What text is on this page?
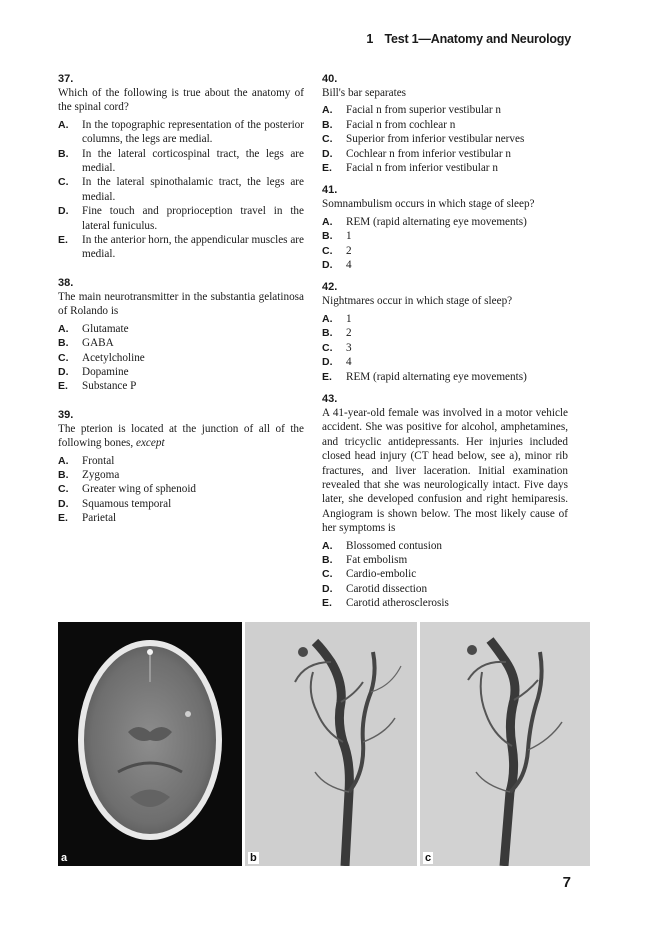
1 Test 1—Anatomy and Neurology
37.
Which of the following is true about the anatomy of the spinal cord?
A.	In the topographic representation of the posterior columns, the legs are medial.
B.	In the lateral corticospinal tract, the legs are medial.
C.	In the lateral spinothalamic tract, the legs are medial.
D.	Fine touch and proprioception travel in the lateral funiculus.
E.	In the anterior horn, the appendicular muscles are medial.
38.
The main neurotransmitter in the substantia gelatinosa of Rolando is
A.	Glutamate
B.	GABA
C.	Acetylcholine
D.	Dopamine
E.	Substance P
39.
The pterion is located at the junction of all of the following bones, except
A.	Frontal
B.	Zygoma
C.	Greater wing of sphenoid
D.	Squamous temporal
E.	Parietal
40.
Bill's bar separates
A.	Facial n from superior vestibular n
B.	Facial n from cochlear n
C.	Superior from inferior vestibular nerves
D.	Cochlear n from inferior vestibular n
E.	Facial n from inferior vestibular n
41.
Somnambulism occurs in which stage of sleep?
A.	REM (rapid alternating eye movements)
B.	1
C.	2
D.	4
42.
Nightmares occur in which stage of sleep?
A.	1
B.	2
C.	3
D.	4
E.	REM (rapid alternating eye movements)
43.
A 41-year-old female was involved in a motor vehicle accident. She was positive for alcohol, amphetamines, and tricyclic antidepressants. Her injuries included closed head injury (CT head below, see a), minor rib fractures, and liver laceration. Initial examination revealed that she was neurologically intact. Five days later, she developed confusion and right hemiparesis. Angiogram is shown below. The most likely cause of her symptoms is
A.	Blossomed contusion
B.	Fat embolism
C.	Cardio-embolic
D.	Carotid dissection
E.	Carotid atherosclerosis
a	b	c
7
